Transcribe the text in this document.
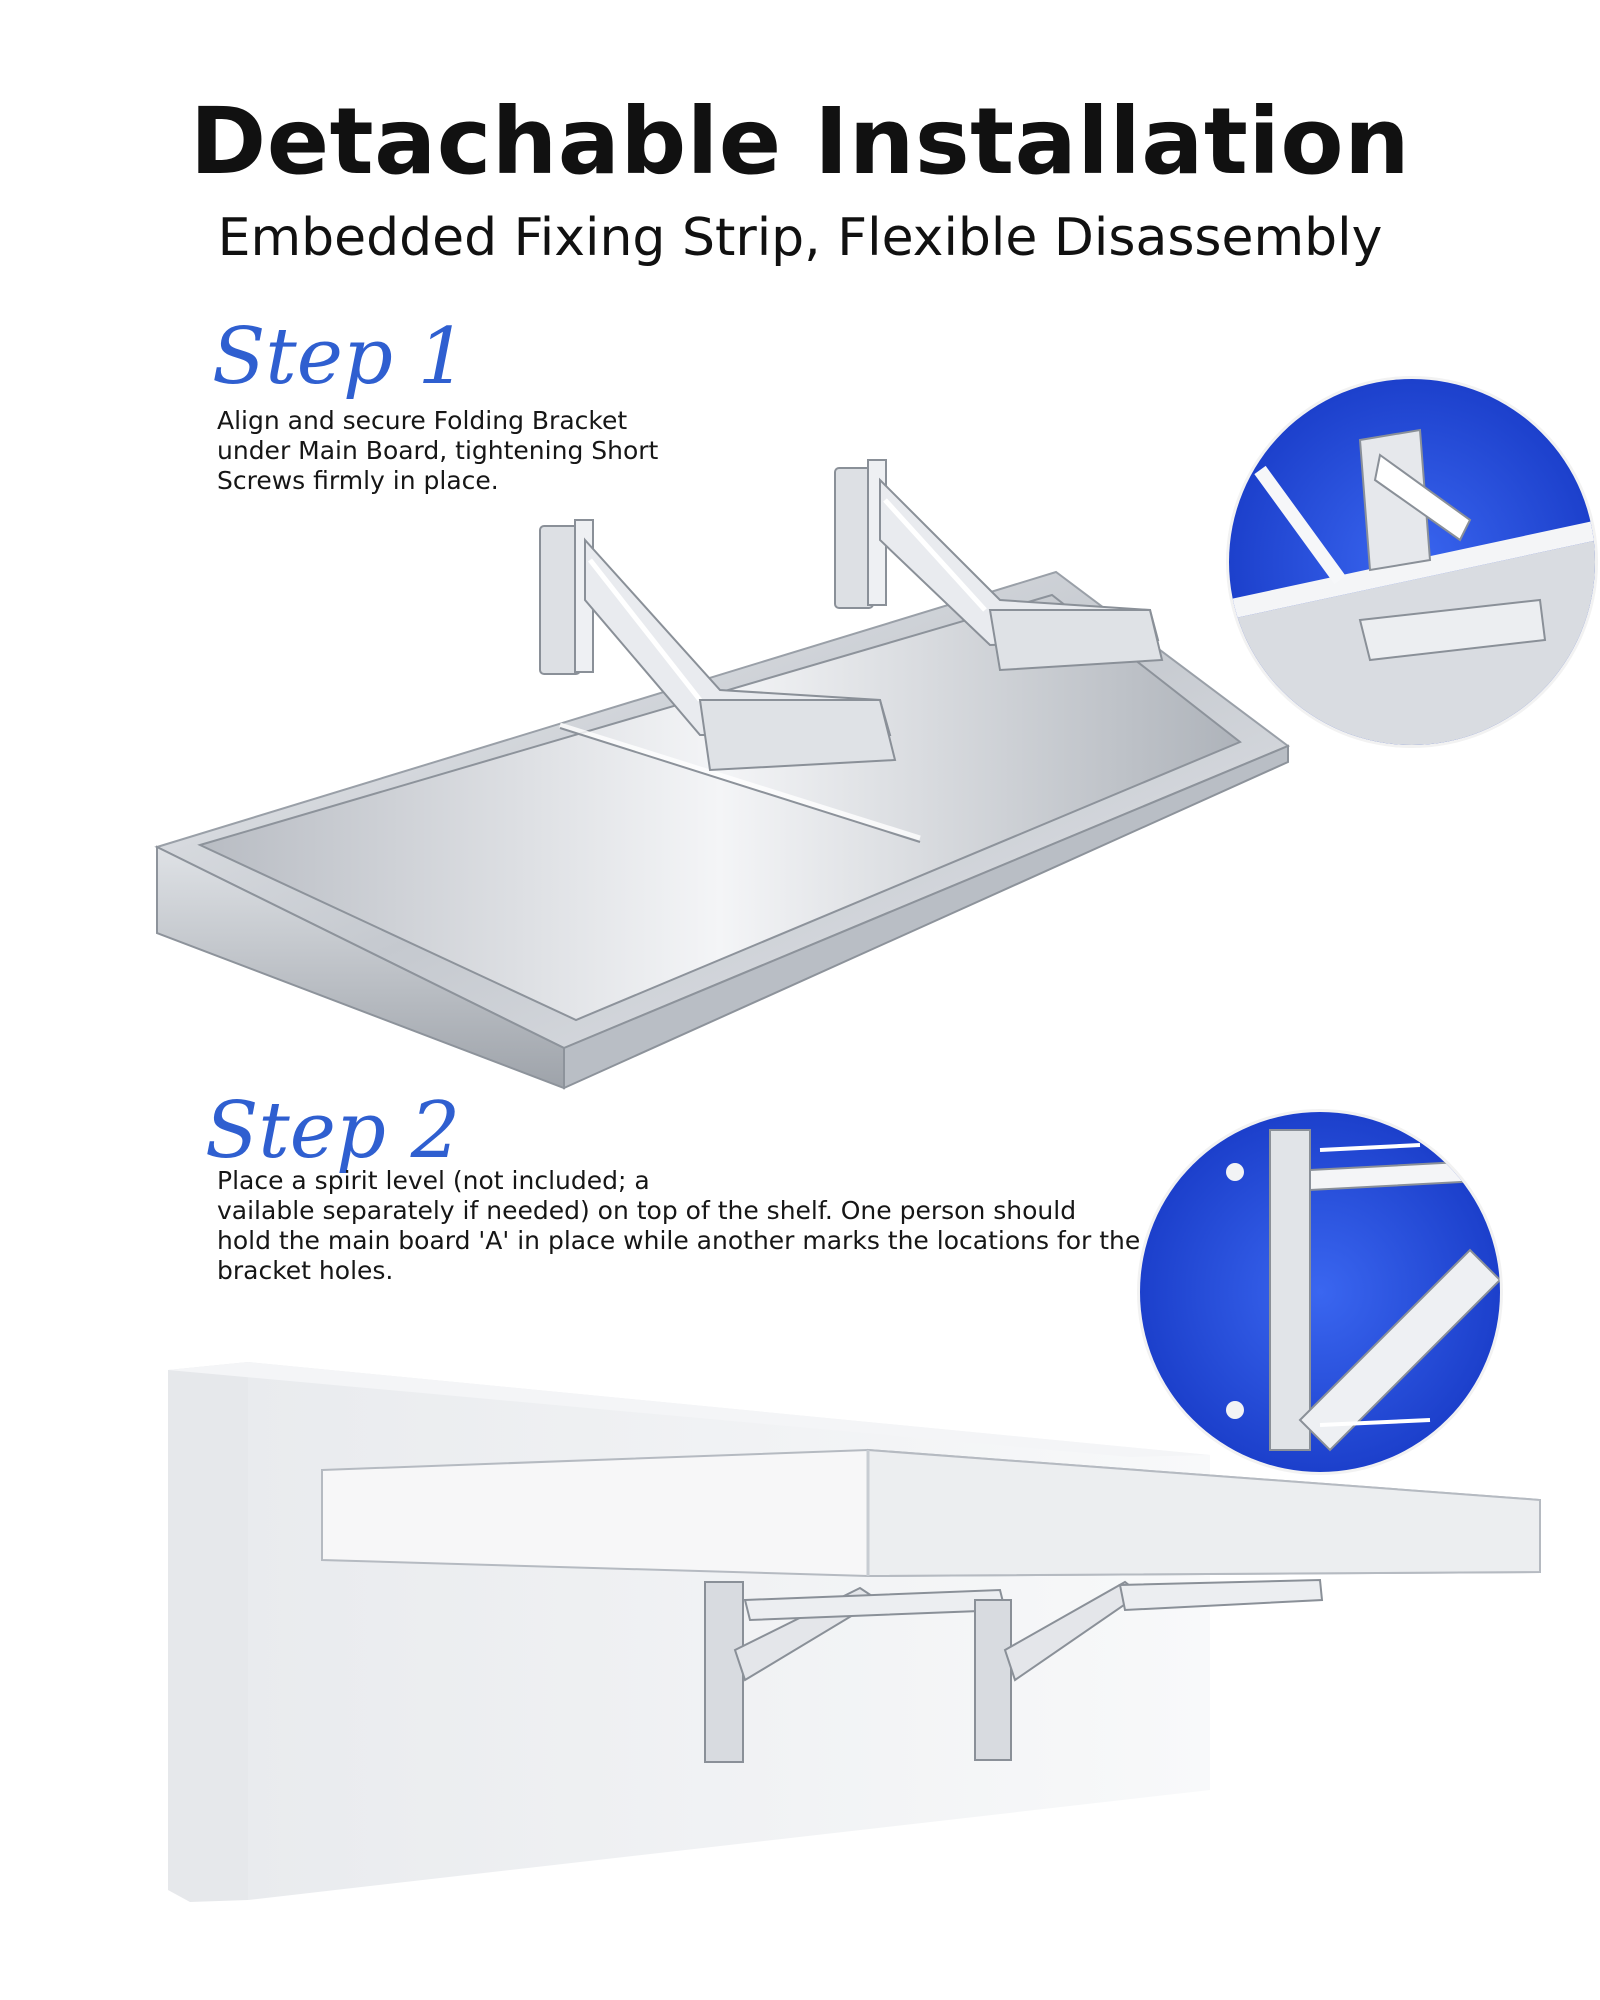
Detachable Installation
Embedded Fixing Strip, Flexible Disassembly
Step 1
Align and secure Folding Bracket
under Main Board, tightening Short
Screws firmly in place.
Step 2
Place a spirit level (not included; a
vailable separately if needed) on top of the shelf. One person should
hold the main board 'A' in place while another marks the locations for the
bracket holes.
